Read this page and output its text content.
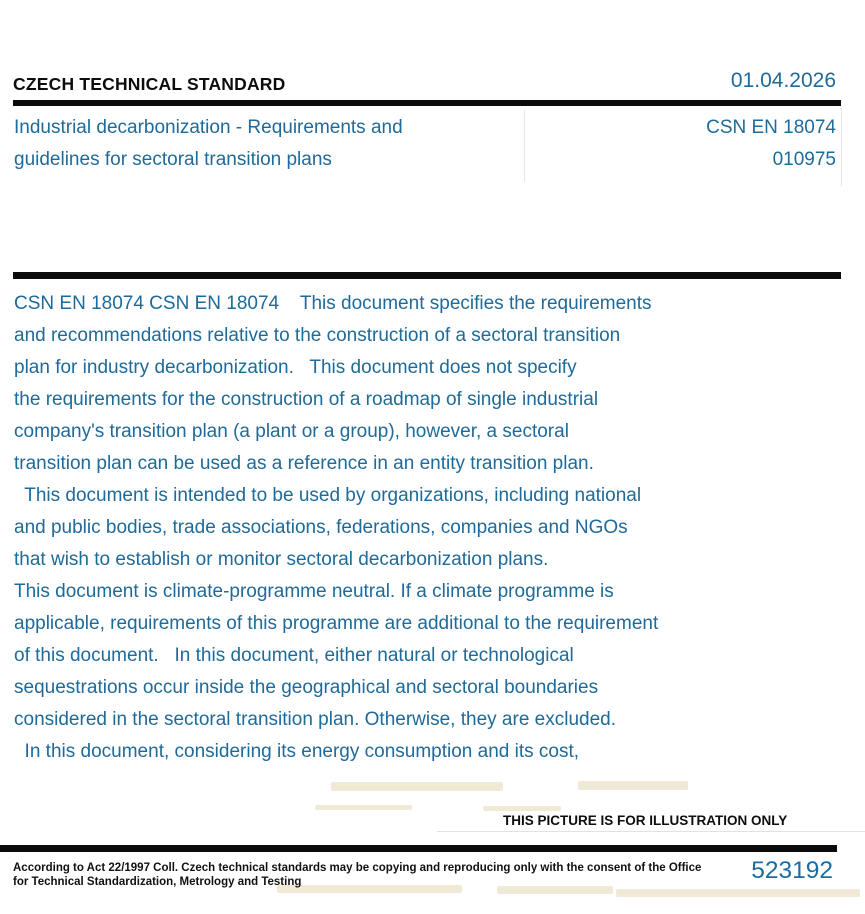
CZECH TECHNICAL STANDARD	01.04.2026
Industrial decarbonization - Requirements and
guidelines for sectoral transition plans
CSN EN 18074
010975
CSN EN 18074 CSN EN 18074    This document specifies the requirements
and recommendations relative to the construction of a sectoral transition
plan for industry decarbonization.   This document does not specify
the requirements for the construction of a roadmap of single industrial
company's transition plan (a plant or a group), however, a sectoral
transition plan can be used as a reference in an entity transition plan.
This document is intended to be used by organizations, including national
and public bodies, trade associations, federations, companies and NGOs
that wish to establish or monitor sectoral decarbonization plans.
This document is climate-programme neutral. If a climate programme is
applicable, requirements of this programme are additional to the requirement
of this document.   In this document, either natural or technological
sequestrations occur inside the geographical and sectoral boundaries
considered in the sectoral transition plan. Otherwise, they are excluded.
In this document, considering its energy consumption and its cost,
THIS PICTURE IS FOR ILLUSTRATION ONLY
According to Act 22/1997 Coll. Czech technical standards may be copying and reproducing only with the consent of the Office
for Technical Standardization, Metrology and Testing	523192
